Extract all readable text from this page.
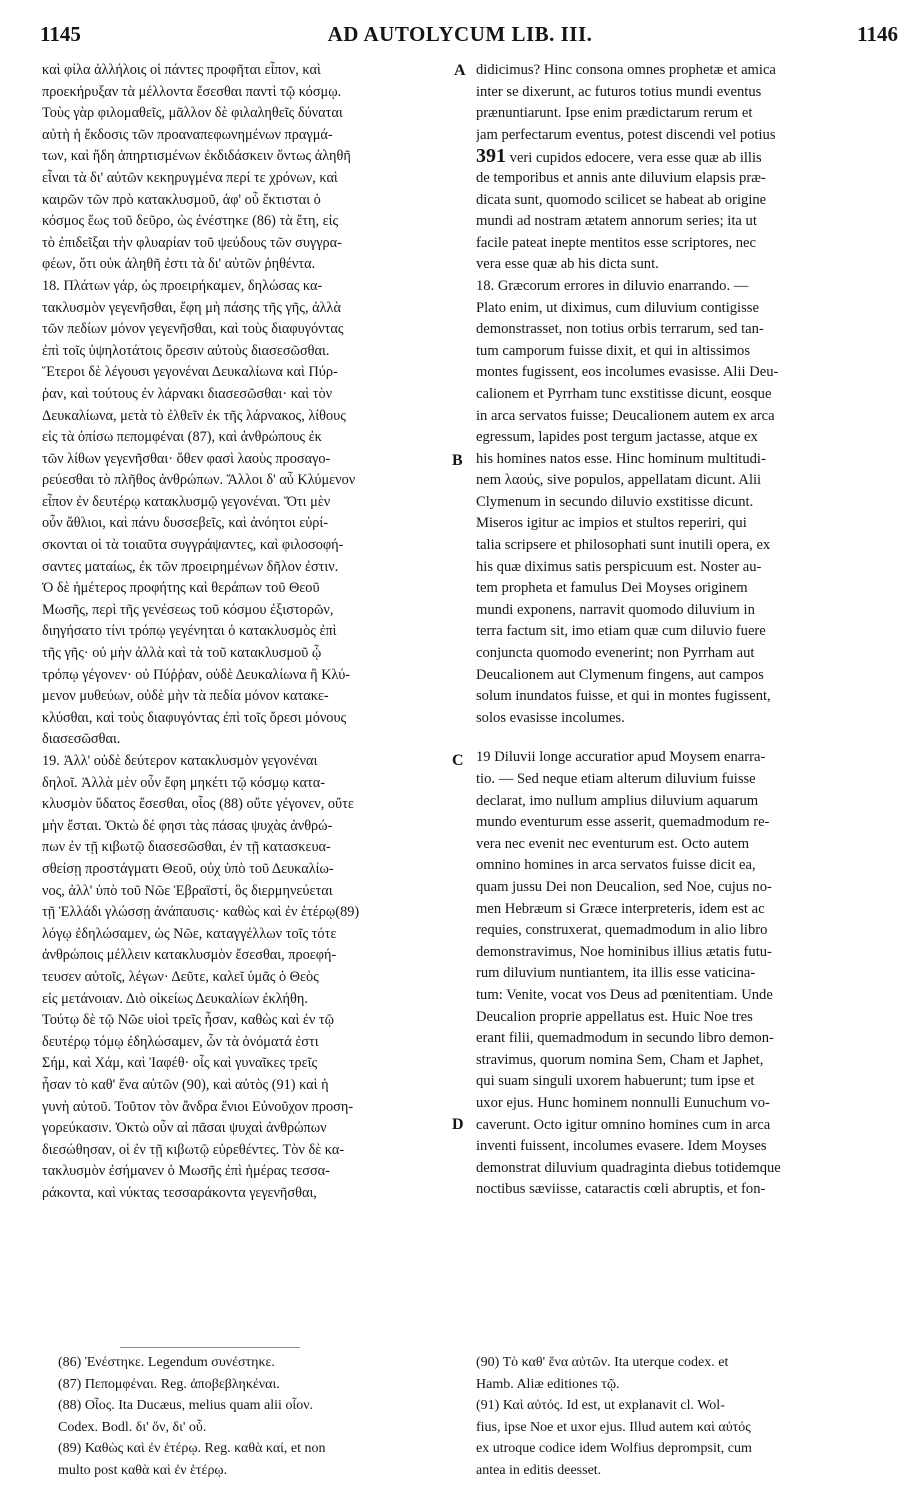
1145	AD AUTOLYCUM LIB. III.	1146
A
B
C
D
καὶ φίλα ἀλλήλοις οἱ πάντες προφῆται εἶπον, καὶ
προεκήρυξαν τὰ μέλλοντα ἔσεσθαι παντὶ τῷ κόσμῳ.
Τοὺς γὰρ φιλομαθεῖς, μᾶλλον δὲ φιλαληθεῖς δύναται
αὐτὴ ἡ ἔκδοσις τῶν προαναπεφωνημένων πραγμά-
των, καὶ ἤδη ἀπηρτισμένων ἐκδιδάσκειν ὄντως ἀληθῆ
εἶναι τὰ δι' αὐτῶν κεκηρυγμένα περί τε χρόνων, καὶ
καιρῶν τῶν πρὸ κατακλυσμοῦ, ἀφ' οὗ ἔκτισται ὁ
κόσμος ἕως τοῦ δεῦρο, ὡς ἐνέστηκε (86) τὰ ἔτη, εἰς
τὸ ἐπιδεῖξαι τὴν φλυαρίαν τοῦ ψεύδους τῶν συγγρα-
φέων, ὅτι οὐκ ἀληθῆ ἐστι τὰ δι' αὐτῶν ῥηθέντα.
18. Πλάτων γάρ, ὡς προειρήκαμεν, δηλώσας κα-
τακλυσμὸν γεγενῆσθαι, ἔφη μὴ πάσης τῆς γῆς, ἀλλὰ
τῶν πεδίων μόνον γεγενῆσθαι, καὶ τοὺς διαφυγόντας
ἐπὶ τοῖς ὑψηλοτάτοις ὄρεσιν αὐτοὺς διασεσῶσθαι.
Ἕτεροι δὲ λέγουσι γεγονέναι Δευκαλίωνα καὶ Πύρ-
ῥαν, καὶ τούτους ἐν λάρνακι διασεσῶσθαι· καὶ τὸν
Δευκαλίωνα, μετὰ τὸ ἐλθεῖν ἐκ τῆς λάρνακος, λίθους
εἰς τὰ ὀπίσω πεπομφέναι (87), καὶ ἀνθρώπους ἐκ
τῶν λίθων γεγενῆσθαι· ὅθεν φασὶ λαοὺς προσαγο-
ρεύεσθαι τὸ πλῆθος ἀνθρώπων. Ἄλλοι δ' αὖ Κλύμενον
εἶπον ἐν δευτέρῳ κατακλυσμῷ γεγονέναι. Ὅτι μὲν
οὖν ἄθλιοι, καὶ πάνυ δυσσεβεῖς, καὶ ἀνόητοι εὑρί-
σκονται οἱ τὰ τοιαῦτα συγγράψαντες, καὶ φιλοσοφή-
σαντες ματαίως, ἐκ τῶν προειρημένων δῆλον ἐστιν.
Ὁ δὲ ἡμέτερος προφήτης καὶ θεράπων τοῦ Θεοῦ
Μωσῆς, περὶ τῆς γενέσεως τοῦ κόσμου ἐξιστορῶν,
διηγήσατο τίνι τρόπῳ γεγένηται ὁ κατακλυσμὸς ἐπὶ
τῆς γῆς· οὐ μὴν ἀλλὰ καὶ τὰ τοῦ κατακλυσμοῦ ᾧ
τρόπῳ γέγονεν· οὐ Πύῤῥαν, οὐδὲ Δευκαλίωνα ἢ Κλύ-
μενον μυθεύων, οὐδὲ μὴν τὰ πεδία μόνον κατακε-
κλύσθαι, καὶ τοὺς διαφυγόντας ἐπὶ τοῖς ὄρεσι μόνους
διασεσῶσθαι.
19. Ἀλλ' οὐδὲ δεύτερον κατακλυσμὸν γεγονέναι
δηλοῖ. Ἀλλὰ μὲν οὖν ἔφη μηκέτι τῷ κόσμῳ κατα-
κλυσμὸν ὕδατος ἔσεσθαι, οἷος (88) οὔτε γέγονεν, οὔτε
μὴν ἔσται. Ὀκτὼ δέ φησι τὰς πάσας ψυχὰς ἀνθρώ-
πων ἐν τῇ κιβωτῷ διασεσῶσθαι, ἐν τῇ κατασκευα-
σθείσῃ προστάγματι Θεοῦ, οὐχ ὑπὸ τοῦ Δευκαλίω-
νος, ἀλλ' ὑπὸ τοῦ Νῶε Ἑβραϊστί, ὃς διερμηνεύεται
τῇ Ἑλλάδι γλώσσῃ ἀνάπαυσις· καθὼς καὶ ἐν ἑτέρῳ(89)
λόγῳ ἐδηλώσαμεν, ὡς Νῶε, καταγγέλλων τοῖς τότε
ἀνθρώποις μέλλειν κατακλυσμὸν ἔσεσθαι, προεφή-
τευσεν αὐτοῖς, λέγων· Δεῦτε, καλεῖ ὑμᾶς ὁ Θεὸς
εἰς μετάνοιαν. Διὸ οἰκείως Δευκαλίων ἐκλήθη.
Τούτῳ δὲ τῷ Νῶε υἱοὶ τρεῖς ἦσαν, καθὼς καὶ ἐν τῷ
δευτέρῳ τόμῳ ἐδηλώσαμεν, ὧν τὰ ὀνόματά ἐστι
Σήμ, καὶ Χάμ, καὶ Ἰαφέθ· οἷς καὶ γυναῖκες τρεῖς
ἦσαν τὸ καθ' ἕνα αὐτῶν (90), καὶ αὐτὸς (91) καὶ ἡ
γυνὴ αὐτοῦ. Τοῦτον τὸν ἄνδρα ἔνιοι Εὐνοῦχον προση-
γορεύκασιν. Ὀκτὼ οὖν αἱ πᾶσαι ψυχαὶ ἀνθρώπων
διεσώθησαν, οἱ ἐν τῇ κιβωτῷ εὑρεθέντες. Τὸν δὲ κα-
τακλυσμὸν ἐσήμανεν ὁ Μωσῆς ἐπὶ ἡμέρας τεσσα-
ράκοντα, καὶ νύκτας τεσσαράκοντα γεγενῆσθαι,
didicimus? Hinc consona omnes prophetæ et amica
inter se dixerunt, ac futuros totius mundi eventus
prænuntiarunt. Ipse enim prædictarum rerum et
jam perfectarum eventus, potest discendi vel potius
391 veri cupidos edocere, vera esse quæ ab illis
de temporibus et annis ante diluvium elapsis præ-
dicata sunt, quomodo scilicet se habeat ab origine
mundi ad nostram ætatem annorum series; ita ut
facile pateat inepte mentitos esse scriptores, nec
vera esse quæ ab his dicta sunt.
18. Græcorum errores in diluvio enarrando. —
Plato enim, ut diximus, cum diluvium contigisse
demonstrasset, non totius orbis terrarum, sed tan-
tum camporum fuisse dixit, et qui in altissimos
montes fugissent, eos incolumes evasisse. Alii Deu-
calionem et Pyrrham tunc exstitisse dicunt, eosque
in arca servatos fuisse; Deucalionem autem ex arca
egressum, lapides post tergum jactasse, atque ex
his homines natos esse. Hinc hominum multitudi-
nem λαούς, sive populos, appellatam dicunt. Alii
Clymenum in secundo diluvio exstitisse dicunt.
Miseros igitur ac impios et stultos reperiri, qui
talia scripsere et philosophati sunt inutili opera, ex
his quæ diximus satis perspicuum est. Noster au-
tem propheta et famulus Dei Moyses originem
mundi exponens, narravit quomodo diluvium in
terra factum sit, imo etiam quæ cum diluvio fuere
conjuncta quomodo evenerint; non Pyrrham aut
Deucalionem aut Clymenum fingens, aut campos
solum inundatos fuisse, et qui in montes fugissent,
solos evasisse incolumes.
19 Diluvii longe accuratior apud Moysem enarra-
tio. — Sed neque etiam alterum diluvium fuisse
declarat, imo nullum amplius diluvium aquarum
mundo eventurum esse asserit, quemadmodum re-
vera nec evenit nec eventurum est. Octo autem
omnino homines in arca servatos fuisse dicit ea,
quam jussu Dei non Deucalion, sed Noe, cujus no-
men Hebræum si Græce interpreteris, idem est ac
requies, construxerat, quemadmodum in alio libro
demonstravimus, Noe hominibus illius ætatis futu-
rum diluvium nuntiantem, ita illis esse vaticina-
tum: Venite, vocat vos Deus ad pœnitentiam. Unde
Deucalion proprie appellatus est. Huic Noe tres
erant filii, quemadmodum in secundo libro demon-
stravimus, quorum nomina Sem, Cham et Japhet,
qui suam singuli uxorem habuerunt; tum ipse et
uxor ejus. Hunc hominem nonnulli Eunuchum vo-
caverunt. Octo igitur omnino homines cum in arca
inventi fuissent, incolumes evasere. Idem Moyses
demonstrat diluvium quadraginta diebus totidemque
noctibus sæviisse, cataractis cœli abruptis, et fon-
(86) Ἐνέστηκε. Legendum συνέστηκε.
(87) Πεπομφέναι. Reg. ἀποβεβληκέναι.
(88) Οἷος. Ita Ducæus, melius quam alii οἷον.
Codex. Bodl. δι' ὅν, δι' οὗ.
(89) Καθὼς καὶ ἐν ἑτέρῳ. Reg. καθὰ καί, et non
multo post καθὰ καὶ ἐν ἑτέρῳ.
(90) Τὸ καθ' ἕνα αὐτῶν. Ita uterque codex. et
Hamb. Aliæ editiones τῷ.
(91) Καὶ αὐτός. Id est, ut explanavit cl. Wol-
fius, ipse Noe et uxor ejus. Illud autem καὶ αὐτός
ex utroque codice idem Wolfius deprompsit, cum
antea in editis deesset.
